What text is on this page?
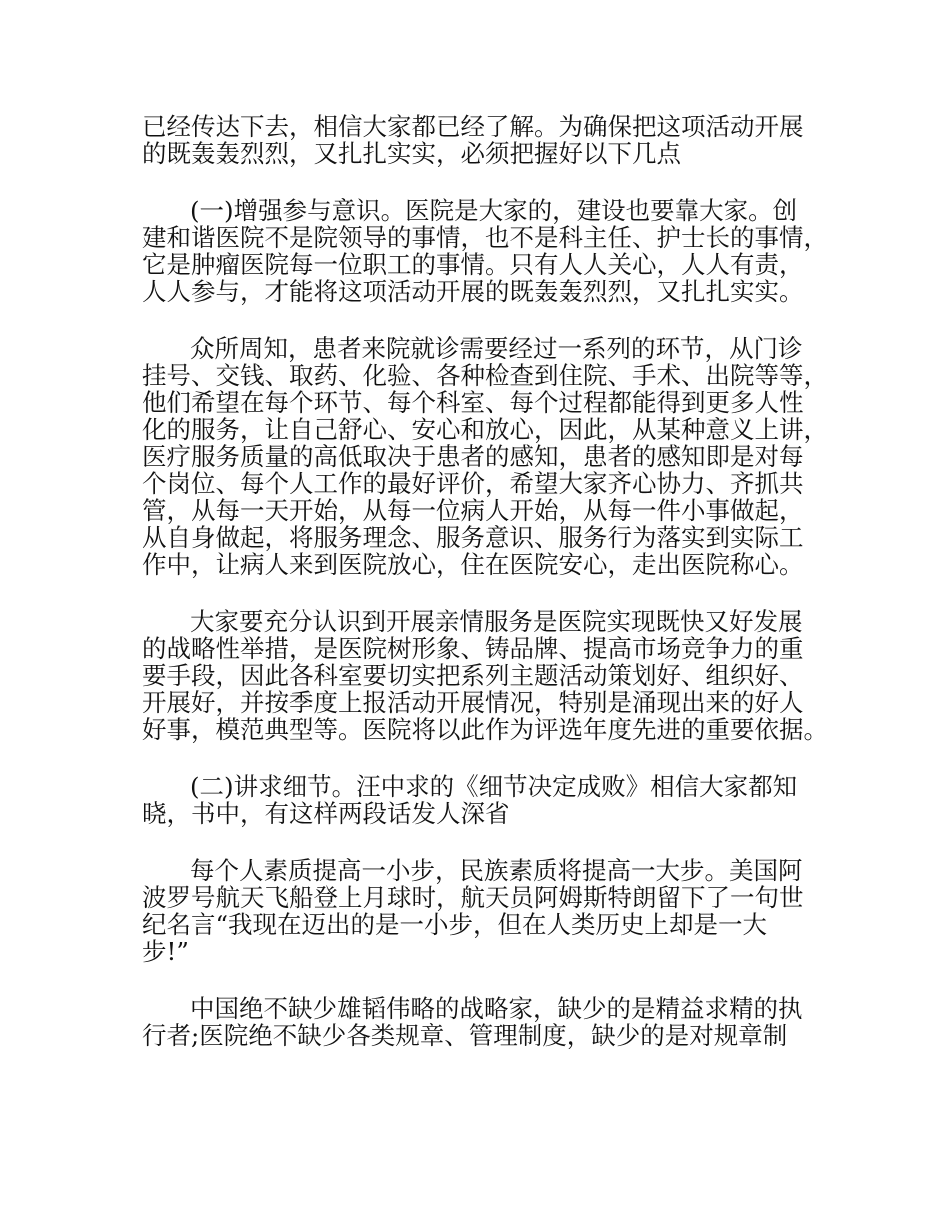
已经传达下去，相信大家都已经了解。为确保把这项活动开展
的既轰轰烈烈，又扎扎实实，必须把握好以下几点
(一)增强参与意识。医院是大家的，建设也要靠大家。创
建和谐医院不是院领导的事情，也不是科主任、护士长的事情，
它是肿瘤医院每一位职工的事情。只有人人关心，人人有责，
人人参与，才能将这项活动开展的既轰轰烈烈，又扎扎实实。
众所周知，患者来院就诊需要经过一系列的环节，从门诊
挂号、交钱、取药、化验、各种检查到住院、手术、出院等等，
他们希望在每个环节、每个科室、每个过程都能得到更多人性
化的服务，让自己舒心、安心和放心，因此，从某种意义上讲，
医疗服务质量的高低取决于患者的感知，患者的感知即是对每
个岗位、每个人工作的最好评价，希望大家齐心协力、齐抓共
管，从每一天开始，从每一位病人开始，从每一件小事做起，
从自身做起，将服务理念、服务意识、服务行为落实到实际工
作中，让病人来到医院放心，住在医院安心，走出医院称心。
大家要充分认识到开展亲情服务是医院实现既快又好发展
的战略性举措，是医院树形象、铸品牌、提高市场竞争力的重
要手段，因此各科室要切实把系列主题活动策划好、组织好、
开展好，并按季度上报活动开展情况，特别是涌现出来的好人
好事，模范典型等。医院将以此作为评选年度先进的重要依据。
(二)讲求细节。汪中求的《细节决定成败》相信大家都知
晓，书中，有这样两段话发人深省
每个人素质提高一小步，民族素质将提高一大步。美国阿
波罗号航天飞船登上月球时，航天员阿姆斯特朗留下了一句世
纪名言“我现在迈出的是一小步，但在人类历史上却是一大
步!”
中国绝不缺少雄韬伟略的战略家，缺少的是精益求精的执
行者;医院绝不缺少各类规章、管理制度，缺少的是对规章制
